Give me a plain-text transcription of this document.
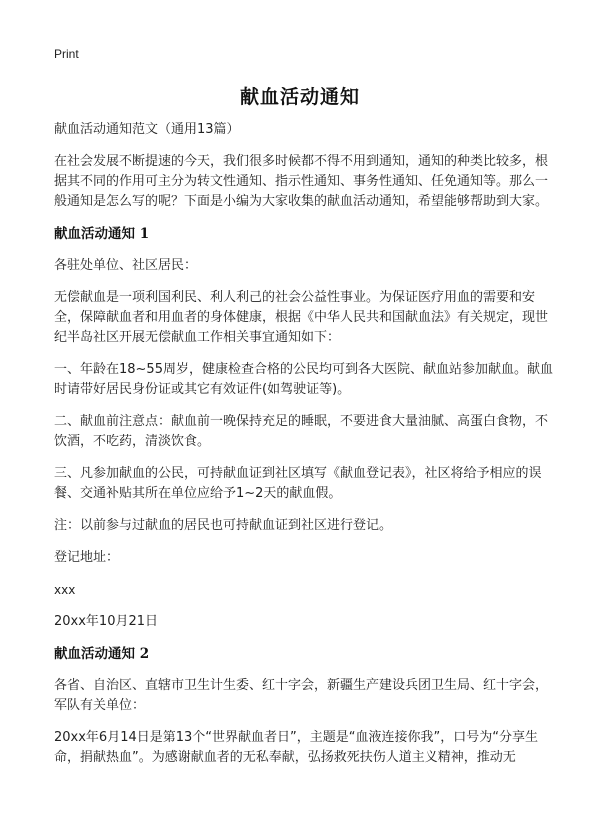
Print
献血活动通知

献血活动通知范文（通用13篇）

在社会发展不断提速的今天，我们很多时候都不得不用到通知，通知的种类比较多，根据其不同的作用可主分为转文性通知、指示性通知、事务性通知、任免通知等。那么一般通知是怎么写的呢？下面是小编为大家收集的献血活动通知，希望能够帮助到大家。

献血活动通知 1

各驻处单位、社区居民：

无偿献血是一项利国利民、利人利己的社会公益性事业。为保证医疗用血的需要和安全，保障献血者和用血者的身体健康，根据《中华人民共和国献血法》有关规定，现世纪半岛社区开展无偿献血工作相关事宜通知如下：

一、年龄在18~55周岁，健康检查合格的公民均可到各大医院、献血站参加献血。献血时请带好居民身份证或其它有效证件(如驾驶证等)。

二、献血前注意点：献血前一晚保持充足的睡眠，不要进食大量油腻、高蛋白食物，不饮酒，不吃药，清淡饮食。

三、凡参加献血的公民，可持献血证到社区填写《献血登记表》，社区将给予相应的误餐、交通补贴其所在单位应给予1~2天的献血假。

注：以前参与过献血的居民也可持献血证到社区进行登记。

登记地址：

xxx

20xx年10月21日

献血活动通知 2

各省、自治区、直辖市卫生计生委、红十字会，新疆生产建设兵团卫生局、红十字会，军队有关单位：

20xx年6月14日是第13个“世界献血者日”，主题是“血液连接你我”，口号为“分享生命，捐献热血”。为感谢献血者的无私奉献，弘扬救死扶伤人道主义精神，推动无
